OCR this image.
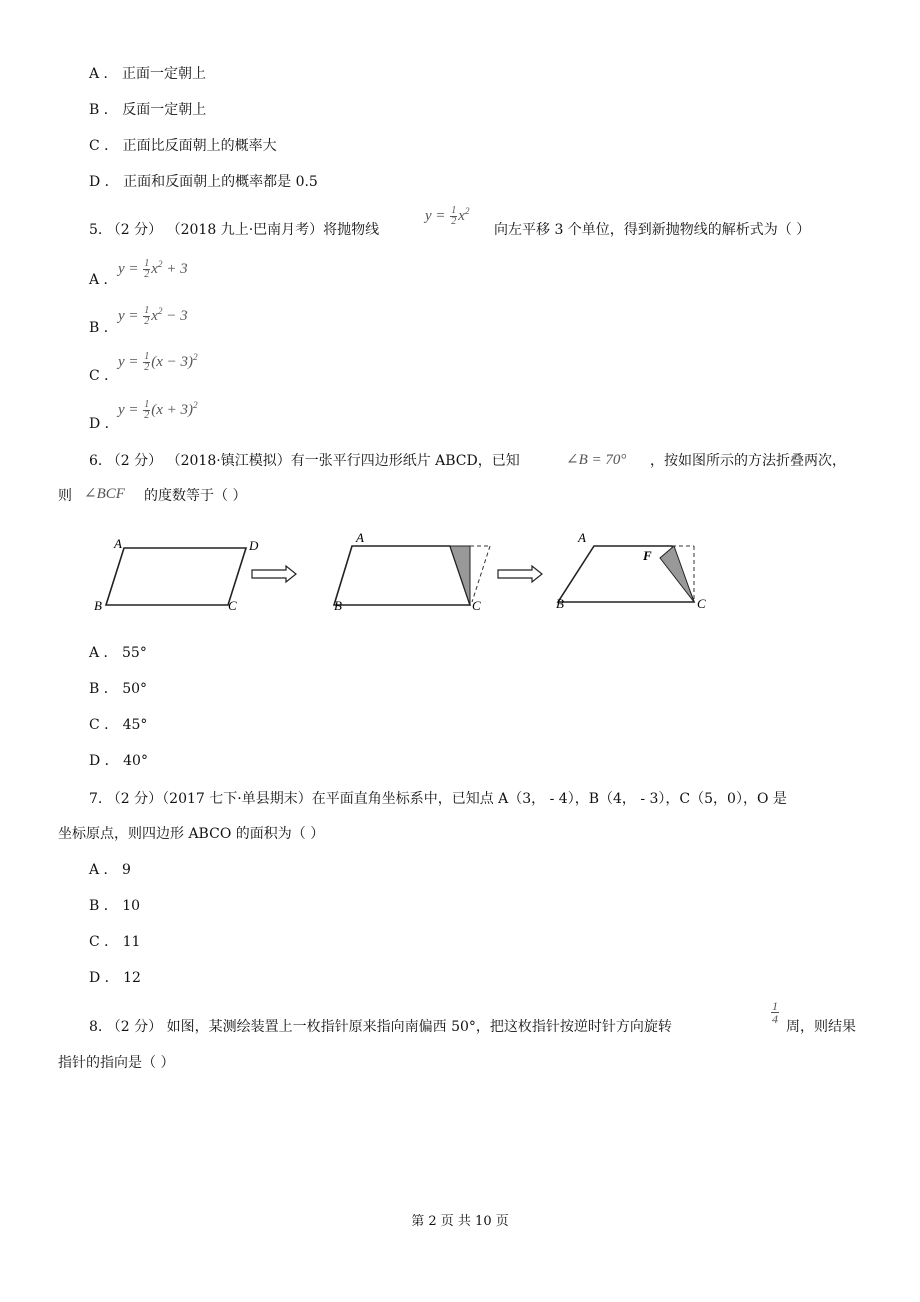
A ． 正面一定朝上
B ． 反面一定朝上
C ． 正面比反面朝上的概率大
D ． 正面和反面朝上的概率都是 0.5
5. （2 分） （2018 九上·巴南月考）将抛物线
$y = \frac{1}{2} x^2$
向左平移 3 个单位，得到新抛物线的解析式为（ ）
A ．
$y = \frac{1}{2} x^2 + 3$
B ．
$y = \frac{1}{2} x^2 - 3$
C ．
$y = \frac{1}{2} (x - 3)^2$
D ．
$y = \frac{1}{2} (x + 3)^2$
6. （2 分） （2018·镇江模拟）有一张平行四边形纸片 ABCD，已知	∠B = 70° ，按如图所示的方法折叠两次，
则 ∠BCF 的度数等于（ ）
A	D
B	C
A
B	C
A
F
B	C
A ． 55°
B ． 50°
C ． 45°
D ． 40°
7. （2 分）（2017 七下·单县期末）在平面直角坐标系中，已知点 A（3， - 4），B（4， - 3），C（5，0），O 是
坐标原点，则四边形 ABCO 的面积为（ ）
A ． 9
B ． 10
C ． 11
D ． 12
8. （2 分） 如图，某测绘装置上一枚指针原来指向南偏西 50°，把这枚指针按逆时针方向旋转
$\frac{1}{4}$
周，则结果
指针的指向是（ ）
第 2 页 共 10 页
